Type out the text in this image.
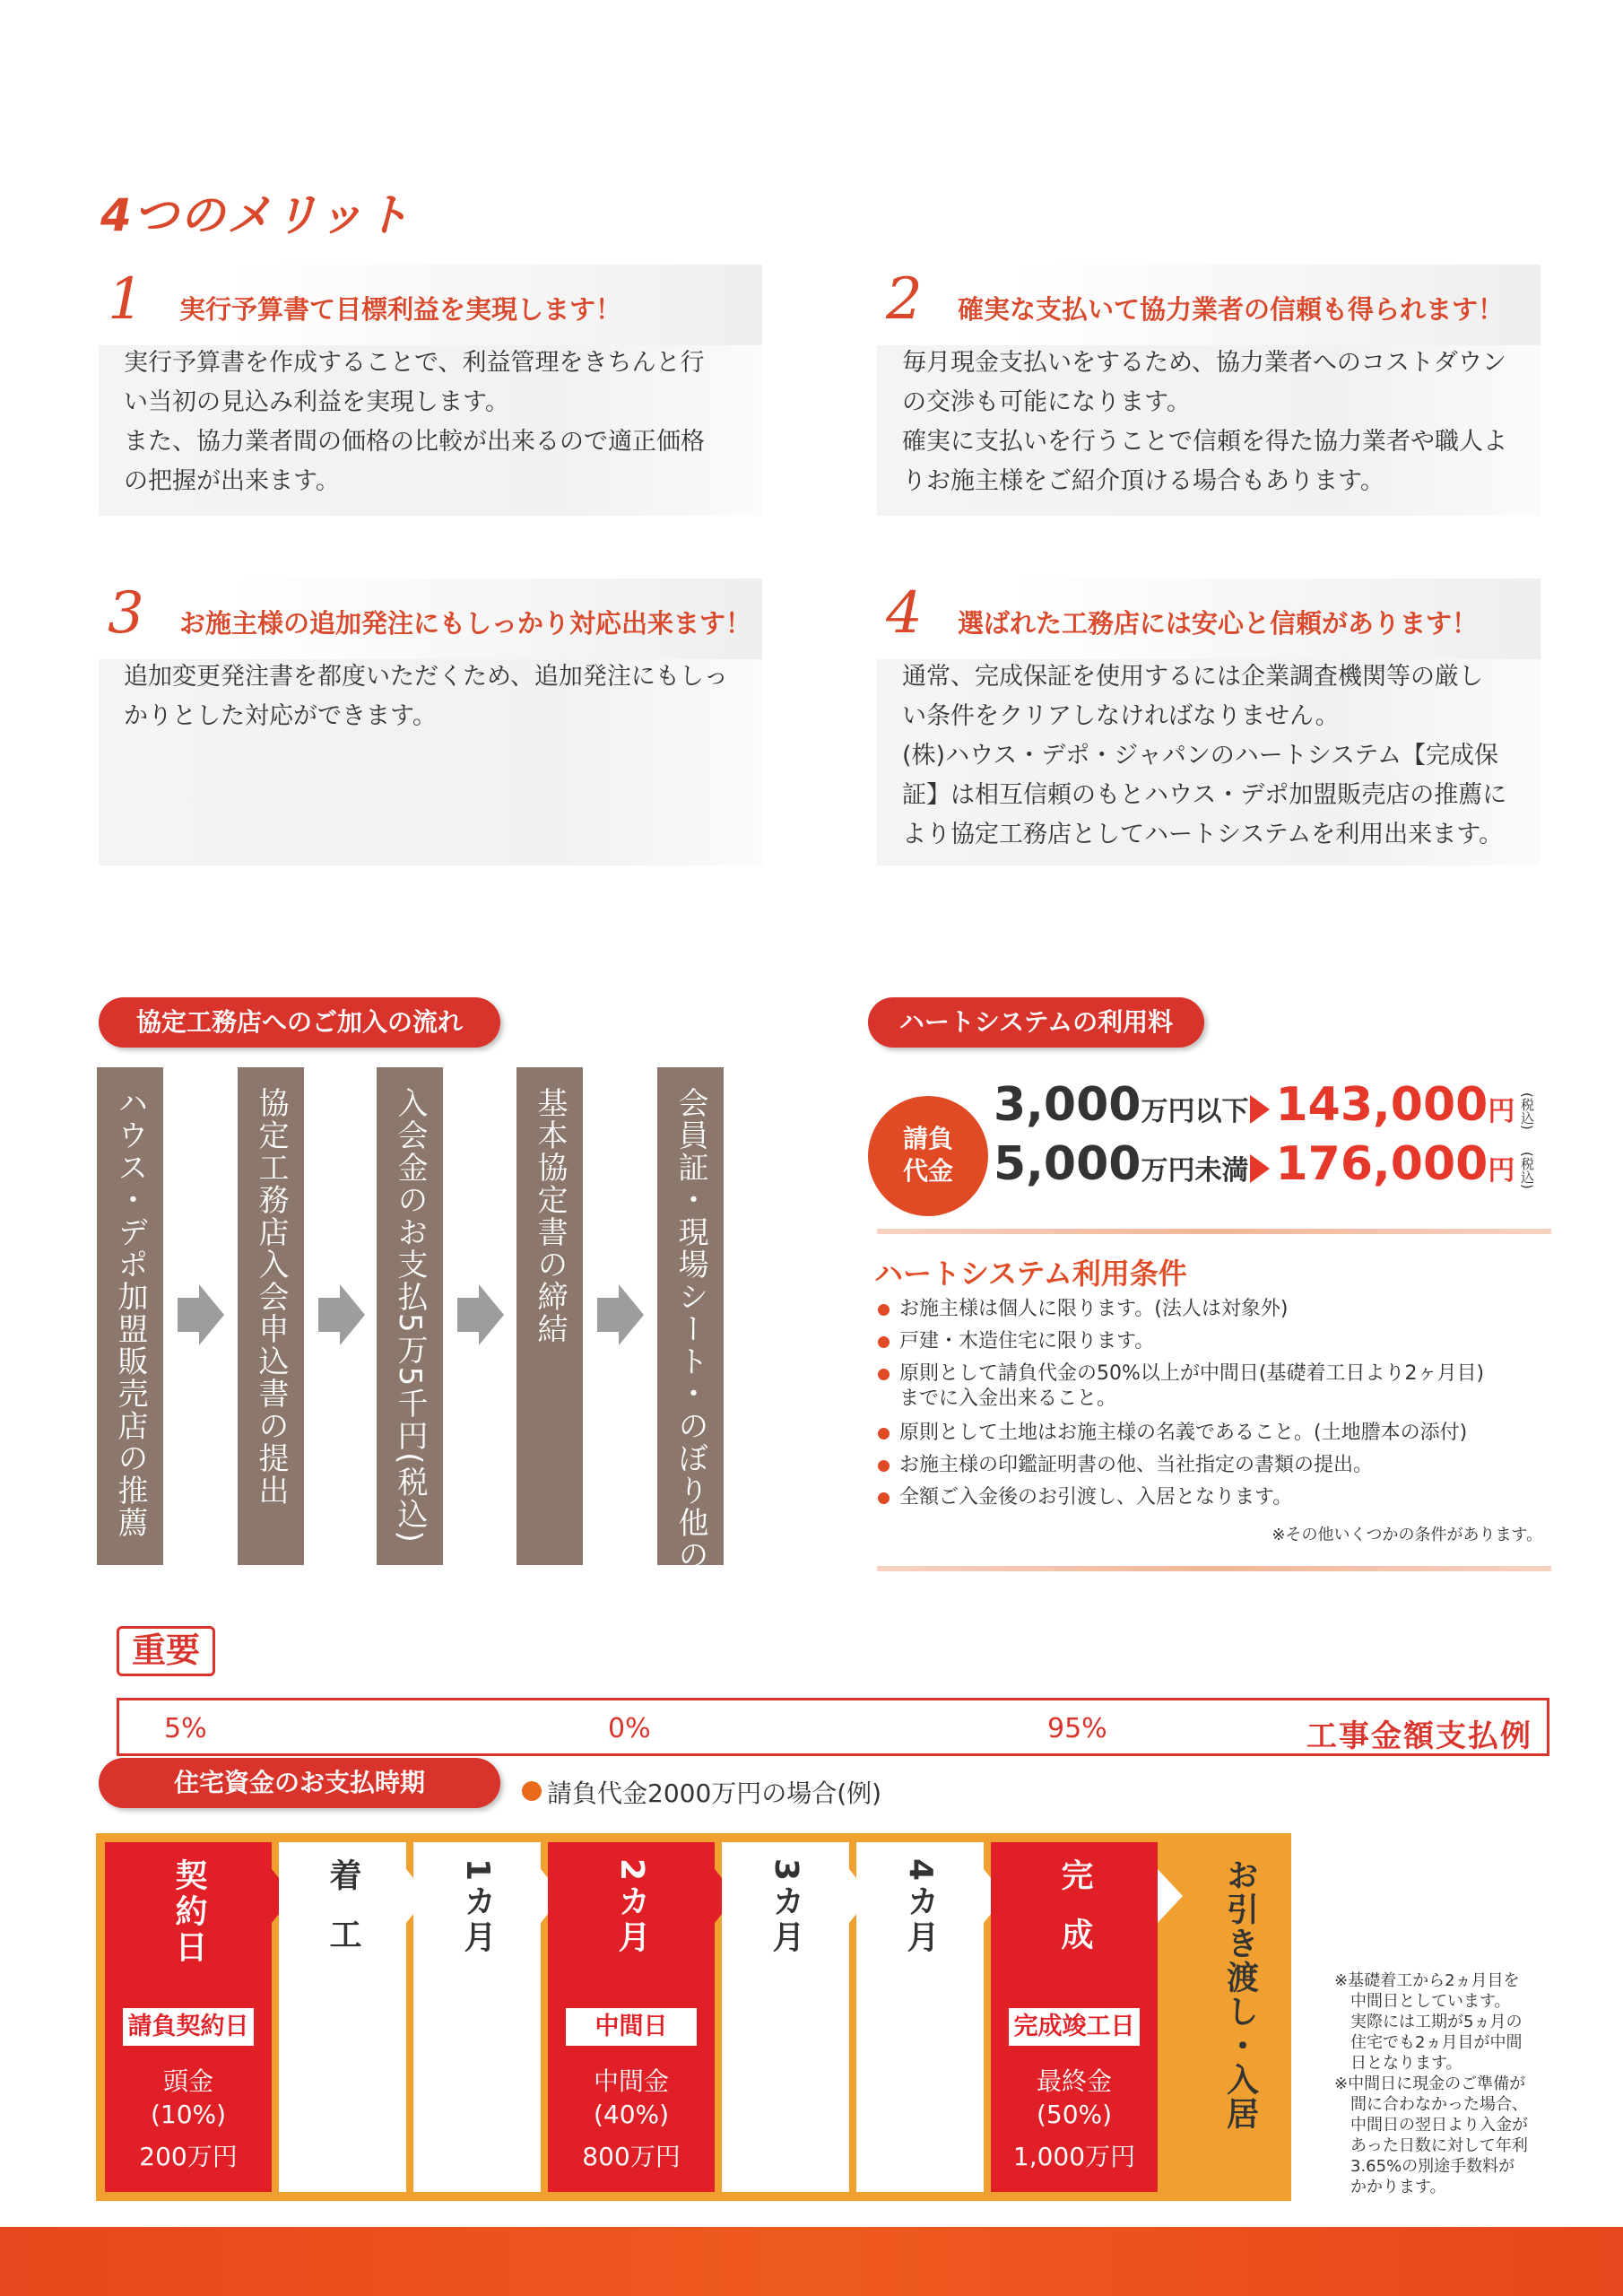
4つのメリット
1 実行予算書て目標利益を実現します！
実行予算書を作成することで、利益管理をきちんと行
い当初の見込み利益を実現します。
また、協力業者間の価格の比較が出来るので適正価格
の把握が出来ます。
2 確実な支払いて協力業者の信頼も得られます！
毎月現金支払いをするため、協力業者へのコストダウン
の交渉も可能になります。
確実に支払いを行うことで信頼を得た協力業者や職人よ
りお施主様をご紹介頂ける場合もあります。
3 お施主様の追加発注にもしっかり対応出来ます！
追加変更発注書を都度いただくため、追加発注にもしっ
かりとした対応ができます。
4 選ばれた工務店には安心と信頼があります！
通常、完成保証を使用するには企業調査機関等の厳し
い条件をクリアしなければなりません。
(株)ハウス・デポ・ジャパンのハートシステム【完成保
証】は相互信頼のもとハウス・デポ加盟販売店の推薦に
より協定工務店としてハートシステムを利用出来ます。
協定工務店へのご加入の流れ
ハウス・デポ加盟販売店の推薦	協定工務店入会申込書の提出	入会金のお支払5万5千円(税込)	基本協定書の締結	会員証・現場シート・のぼり他の受取
ハートシステムの利用料
請負
代金
3,000万円以下 143,000円 (税込)
5,000万円未満 176,000円 (税込)
ハートシステム利用条件
お施主様は個人に限ります。(法人は対象外)
戸建・木造住宅に限ります。
原則として請負代金の50%以上が中間日(基礎着工日より2ヶ月目)
までに入金出来ること。
原則として土地はお施主様の名義であること。(土地謄本の添付)
お施主様の印鑑証明書の他、当社指定の書類の提出。
全額ご入金後のお引渡し、入居となります。
※その他いくつかの条件があります。
重要
5%	0%	95%	工事金額支払例
住宅資金のお支払時期	請負代金2000万円の場合(例)
契約日
請負契約日
頭金
(10%)
200万円
着工	1カ月	2カ月
中間日
中間金
(40%)
800万円
3カ月	4カ月	完成
完成竣工日
最終金
(50%)
1,000万円
お引き渡し・入居	※基礎着工から2ヵ月目を
　中間日としています。
　実際には工期が5ヵ月の
　住宅でも2ヵ月目が中間
　日となります。
※中間日に現金のご準備が
　間に合わなかった場合、
　中間日の翌日より入金が
　あった日数に対して年利
　3.65%の別途手数料が
　かかります。
